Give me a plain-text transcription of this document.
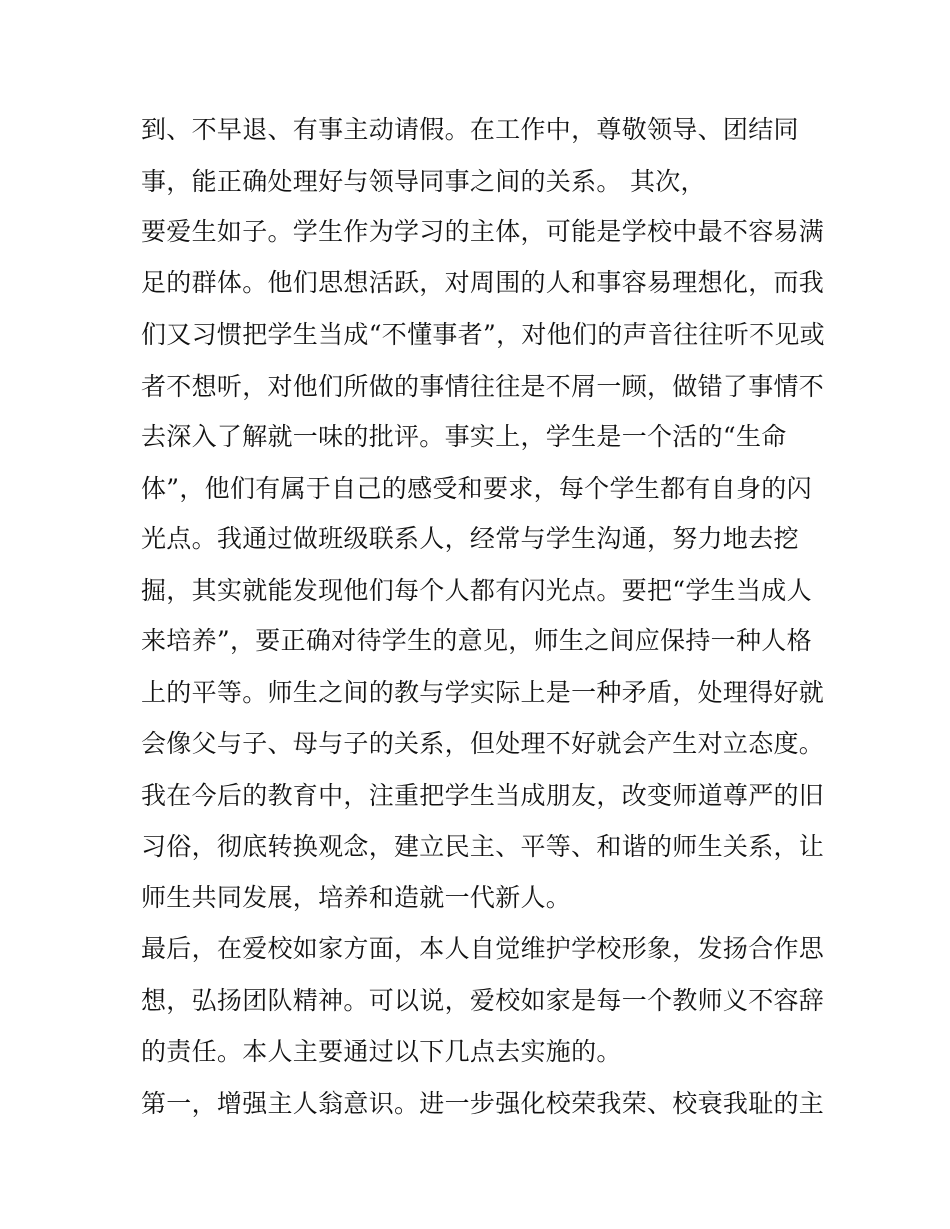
到、不早退、有事主动请假。在工作中，尊敬领导、团结同
事，能正确处理好与领导同事之间的关系。 其次，
要爱生如子。学生作为学习的主体，可能是学校中最不容易满
足的群体。他们思想活跃，对周围的人和事容易理想化，而我
们又习惯把学生当成“不懂事者”，对他们的声音往往听不见或
者不想听，对他们所做的事情往往是不屑一顾，做错了事情不
去深入了解就一味的批评。事实上，学生是一个活的“生命
体”，他们有属于自己的感受和要求，每个学生都有自身的闪
光点。我通过做班级联系人，经常与学生沟通，努力地去挖
掘，其实就能发现他们每个人都有闪光点。要把“学生当成人
来培养”，要正确对待学生的意见，师生之间应保持一种人格
上的平等。师生之间的教与学实际上是一种矛盾，处理得好就
会像父与子、母与子的关系，但处理不好就会产生对立态度。
我在今后的教育中，注重把学生当成朋友，改变师道尊严的旧
习俗，彻底转换观念，建立民主、平等、和谐的师生关系，让
师生共同发展，培养和造就一代新人。
最后，在爱校如家方面，本人自觉维护学校形象，发扬合作思
想，弘扬团队精神。可以说，爱校如家是每一个教师义不容辞
的责任。本人主要通过以下几点去实施的。
第一，增强主人翁意识。进一步强化校荣我荣、校衰我耻的主
